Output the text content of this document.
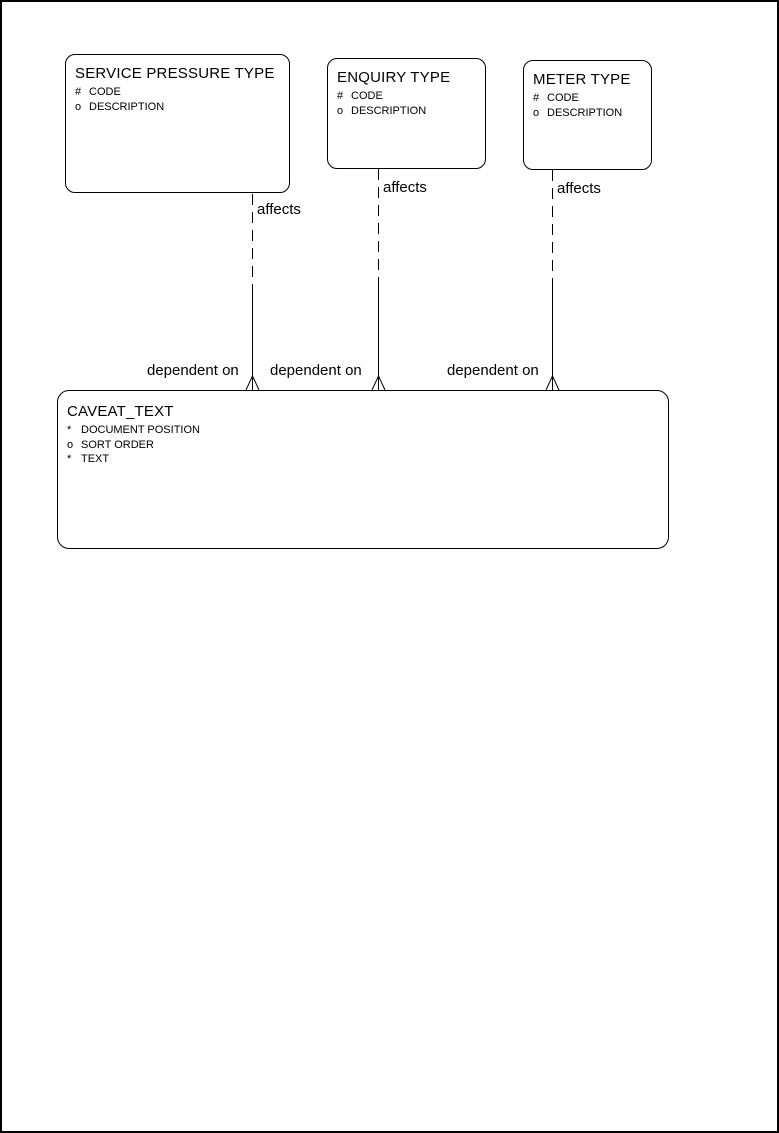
SERVICE PRESSURE TYPE
# CODE
o DESCRIPTION
ENQUIRY TYPE
# CODE
o DESCRIPTION
METER TYPE
# CODE
o DESCRIPTION
CAVEAT_TEXT
* DOCUMENT POSITION
o SORT ORDER
* TEXT
affects
affects	affects
dependent on dependent on	dependent on
